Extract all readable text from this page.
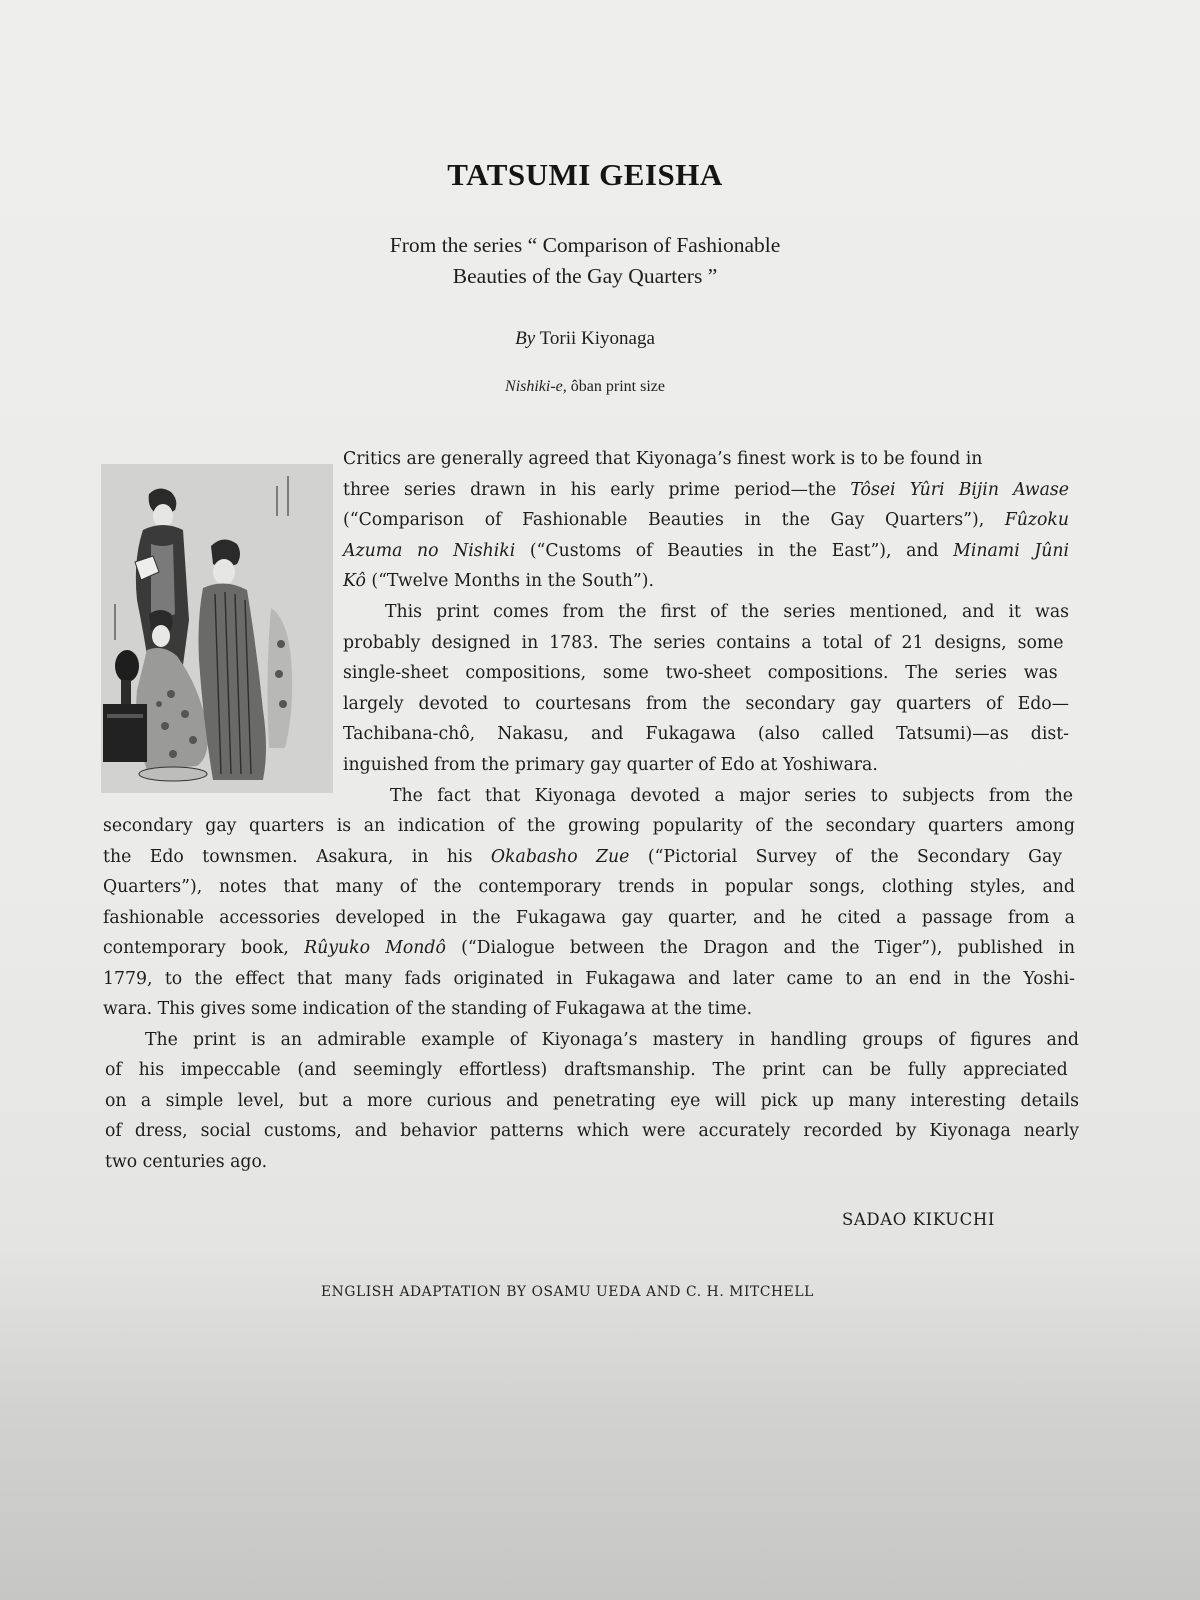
TATSUMI GEISHA
From the series “ Comparison of Fashionable
Beauties of the Gay Quarters ”
By Torii Kiyonaga
Nishiki-e, ôban print size
Critics are generally agreed that Kiyonaga’s finest work is to be found in
three series drawn in his early prime period—the Tôsei Yûri Bijin Awase
(“Comparison of Fashionable Beauties in the Gay Quarters”), Fûzoku
Azuma no Nishiki (“Customs of Beauties in the East”), and Minami Jûni
Kô (“Twelve Months in the South”).
This print comes from the first of the series mentioned, and it was
probably designed in 1783. The series contains a total of 21 designs, some
single-sheet compositions, some two-sheet compositions. The series was
largely devoted to courtesans from the secondary gay quarters of Edo—
Tachibana-chô, Nakasu, and Fukagawa (also called Tatsumi)—as dist-
inguished from the primary gay quarter of Edo at Yoshiwara.
The fact that Kiyonaga devoted a major series to subjects from the
secondary gay quarters is an indication of the growing popularity of the secondary quarters among
the Edo townsmen. Asakura, in his Okabasho Zue (“Pictorial Survey of the Secondary Gay
Quarters”), notes that many of the contemporary trends in popular songs, clothing styles, and
fashionable accessories developed in the Fukagawa gay quarter, and he cited a passage from a
contemporary book, Rûyuko Mondô (“Dialogue between the Dragon and the Tiger”), published in
1779, to the effect that many fads originated in Fukagawa and later came to an end in the Yoshi-
wara. This gives some indication of the standing of Fukagawa at the time.
The print is an admirable example of Kiyonaga’s mastery in handling groups of figures and
of his impeccable (and seemingly effortless) draftsmanship. The print can be fully appreciated
on a simple level, but a more curious and penetrating eye will pick up many interesting details
of dress, social customs, and behavior patterns which were accurately recorded by Kiyonaga nearly
two centuries ago.
SADAO KIKUCHI
ENGLISH ADAPTATION BY OSAMU UEDA AND C. H. MITCHELL
